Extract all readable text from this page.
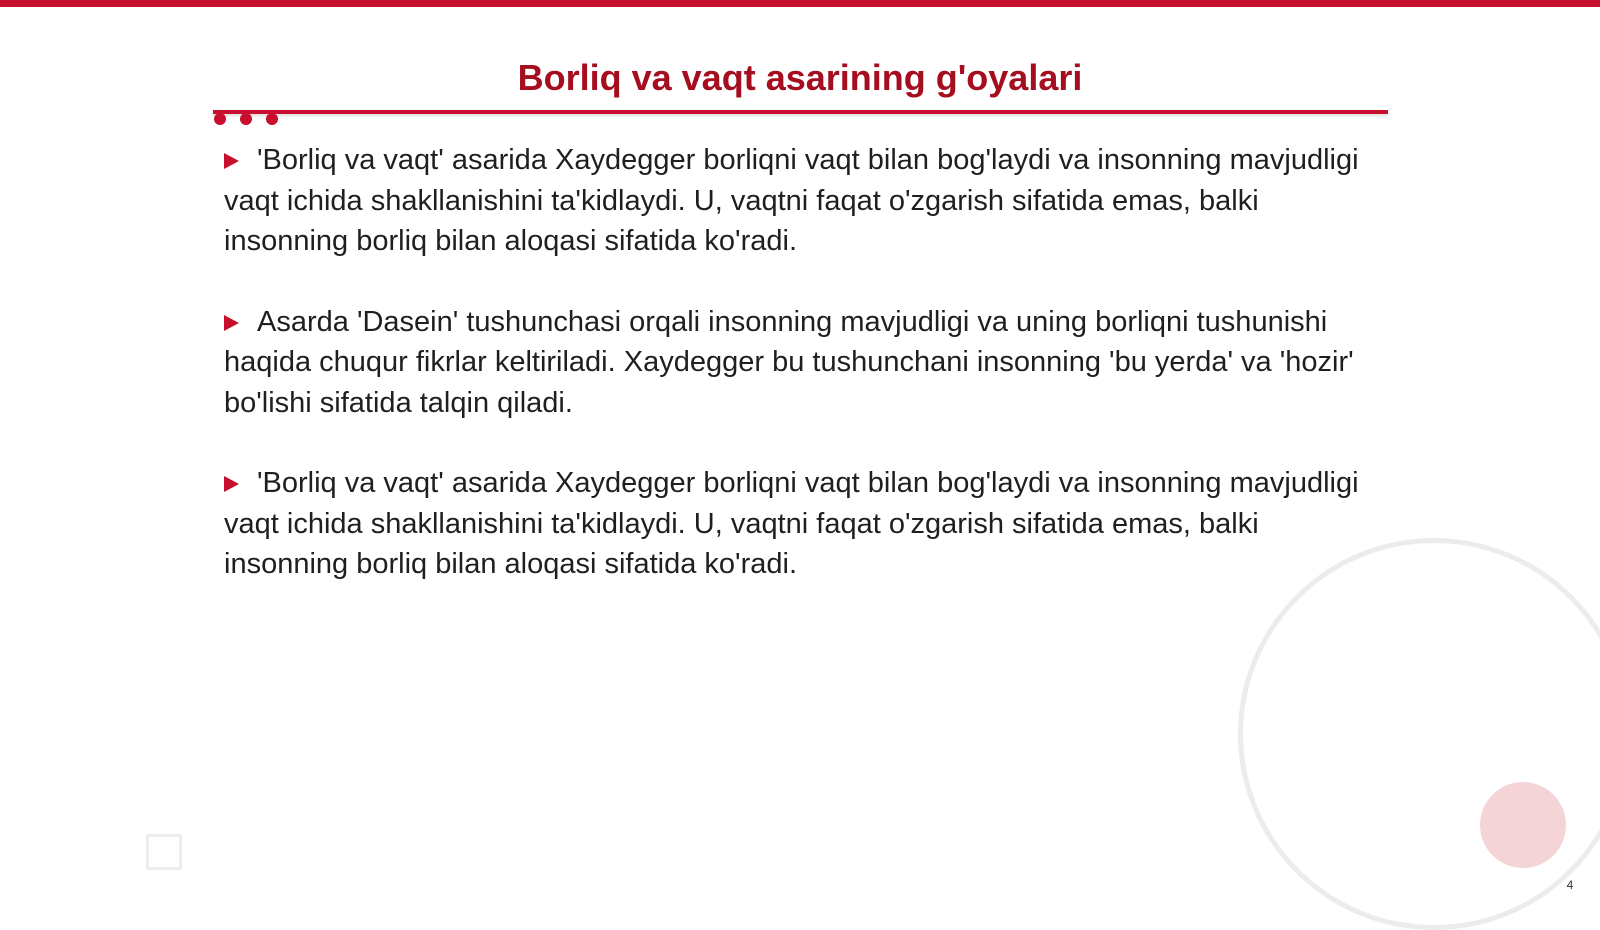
Borliq va vaqt asarining g'oyalari

'Borliq va vaqt' asarida Xaydegger borliqni vaqt bilan bog'laydi va insonning mavjudligi vaqt ichida shakllanishini ta'kidlaydi. U, vaqtni faqat o'zgarish sifatida emas, balki insonning borliq bilan aloqasi sifatida ko'radi.

Asarda 'Dasein' tushunchasi orqali insonning mavjudligi va uning borliqni tushunishi haqida chuqur fikrlar keltiriladi. Xaydegger bu tushunchani insonning 'bu yerda' va 'hozir' bo'lishi sifatida talqin qiladi.

'Borliq va vaqt' asarida Xaydegger borliqni vaqt bilan bog'laydi va insonning mavjudligi vaqt ichida shakllanishini ta'kidlaydi. U, vaqtni faqat o'zgarish sifatida emas, balki insonning borliq bilan aloqasi sifatida ko'radi.

4
